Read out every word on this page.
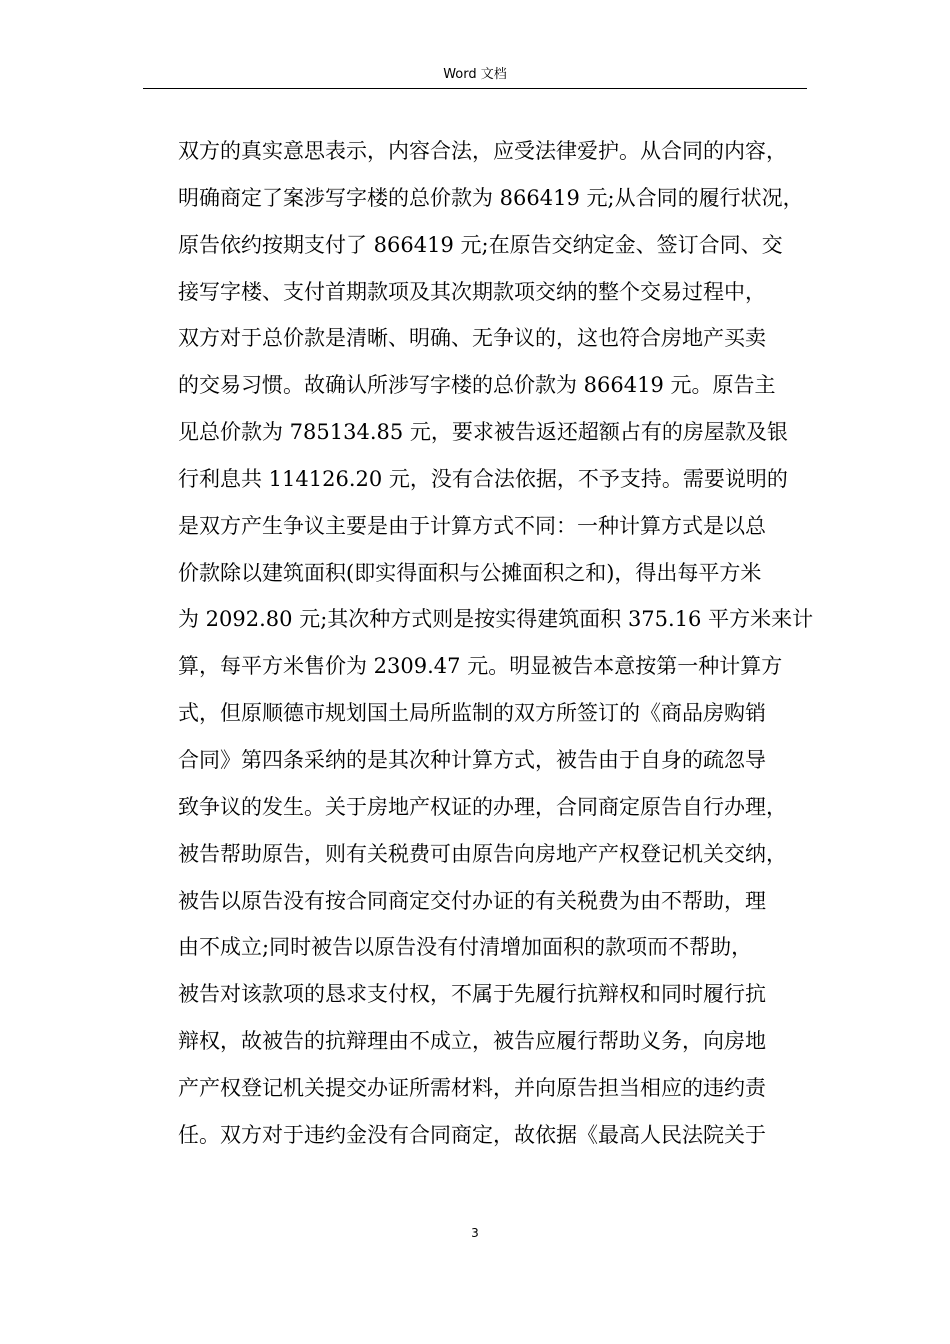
Word 文档
双方的真实意思表示，内容合法，应受法律爱护。从合同的内容，
明确商定了案涉写字楼的总价款为 866419 元;从合同的履行状况，
原告依约按期支付了 866419 元;在原告交纳定金、签订合同、交
接写字楼、支付首期款项及其次期款项交纳的整个交易过程中，
双方对于总价款是清晰、明确、无争议的，这也符合房地产买卖
的交易习惯。故确认所涉写字楼的总价款为 866419 元。原告主
见总价款为 785134.85 元，要求被告返还超额占有的房屋款及银
行利息共 114126.20 元，没有合法依据，不予支持。需要说明的
是双方产生争议主要是由于计算方式不同：一种计算方式是以总
价款除以建筑面积(即实得面积与公摊面积之和)，得出每平方米
为 2092.80 元;其次种方式则是按实得建筑面积 375.16 平方米来计
算，每平方米售价为 2309.47 元。明显被告本意按第一种计算方
式，但原顺德市规划国土局所监制的双方所签订的《商品房购销
合同》第四条采纳的是其次种计算方式，被告由于自身的疏忽导
致争议的发生。关于房地产权证的办理，合同商定原告自行办理，
被告帮助原告，则有关税费可由原告向房地产产权登记机关交纳，
被告以原告没有按合同商定交付办证的有关税费为由不帮助，理
由不成立;同时被告以原告没有付清增加面积的款项而不帮助，
被告对该款项的恳求支付权，不属于先履行抗辩权和同时履行抗
辩权，故被告的抗辩理由不成立，被告应履行帮助义务，向房地
产产权登记机关提交办证所需材料，并向原告担当相应的违约责
任。双方对于违约金没有合同商定，故依据《最高人民法院关于
3
